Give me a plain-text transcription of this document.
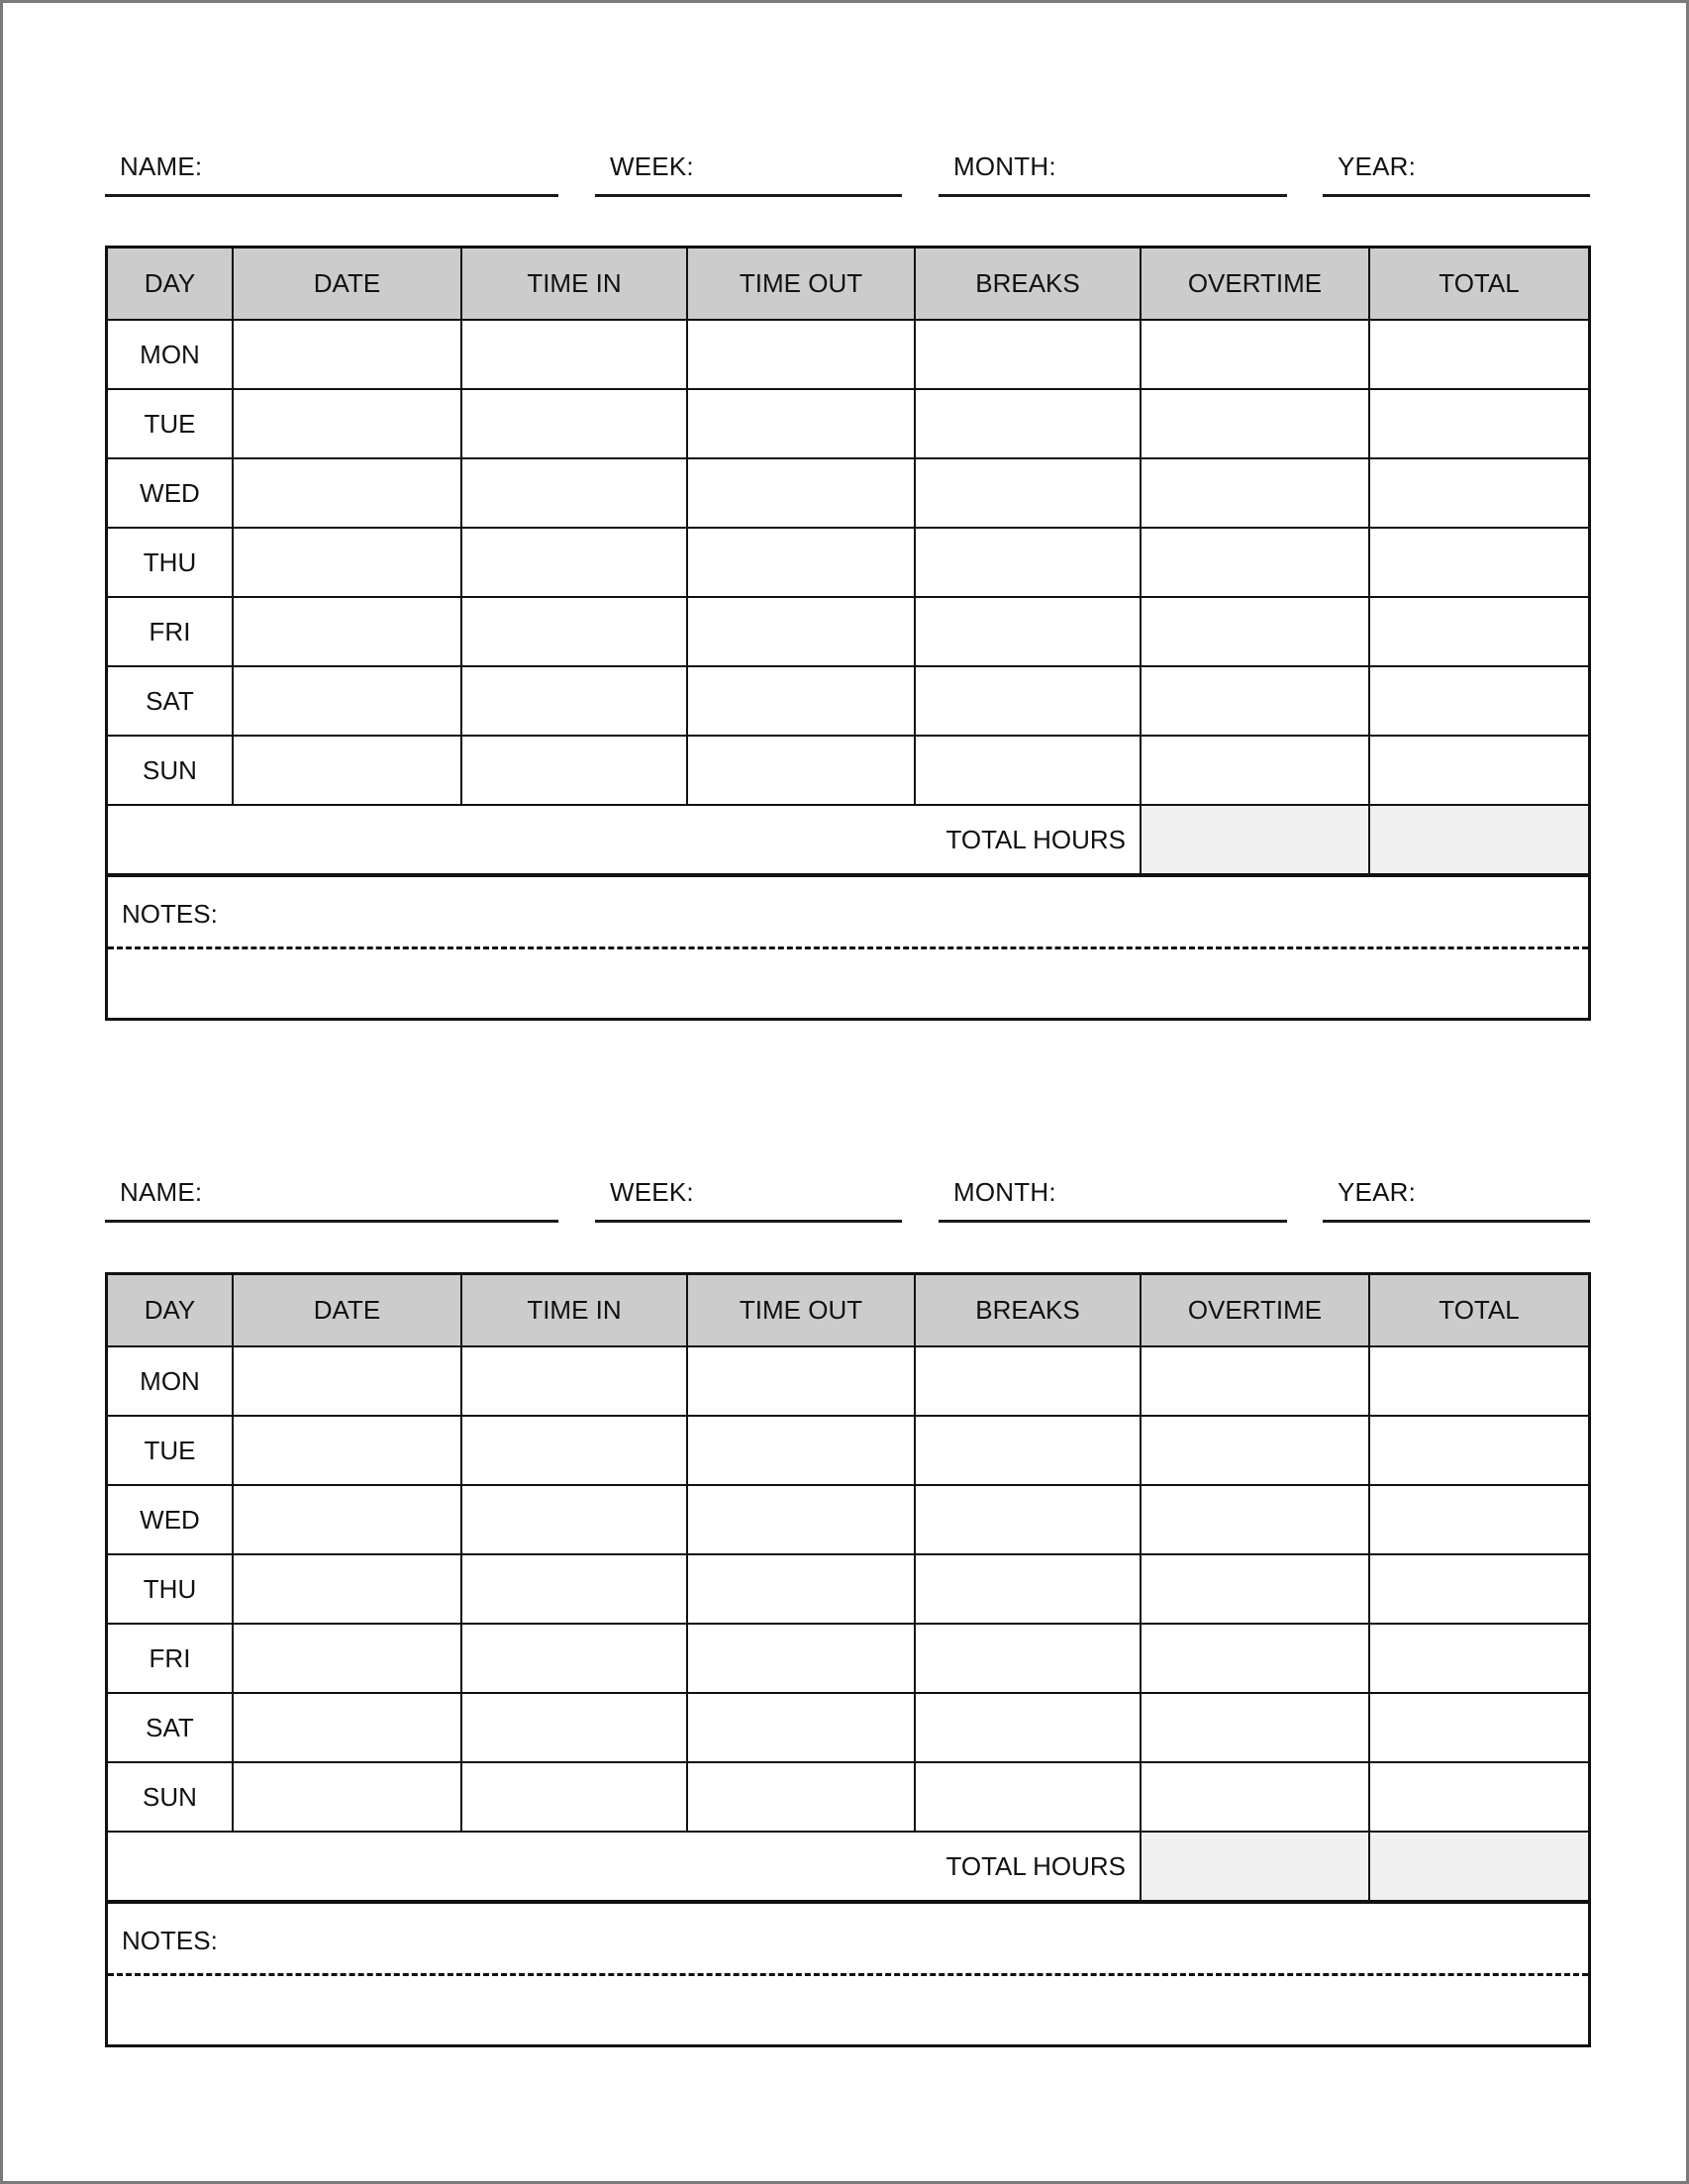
NAME:	WEEK:	MONTH:	YEAR:
DAY	DATE	TIME IN	TIME OUT	BREAKS	OVERTIME	TOTAL
MON						
TUE						
WED						
THU						
FRI						
SAT						
SUN						
TOTAL HOURS						
NOTES:
NAME:	WEEK:	MONTH:	YEAR:
DAY	DATE	TIME IN	TIME OUT	BREAKS	OVERTIME	TOTAL
MON						
TUE						
WED						
THU						
FRI						
SAT						
SUN						
TOTAL HOURS						
NOTES:
